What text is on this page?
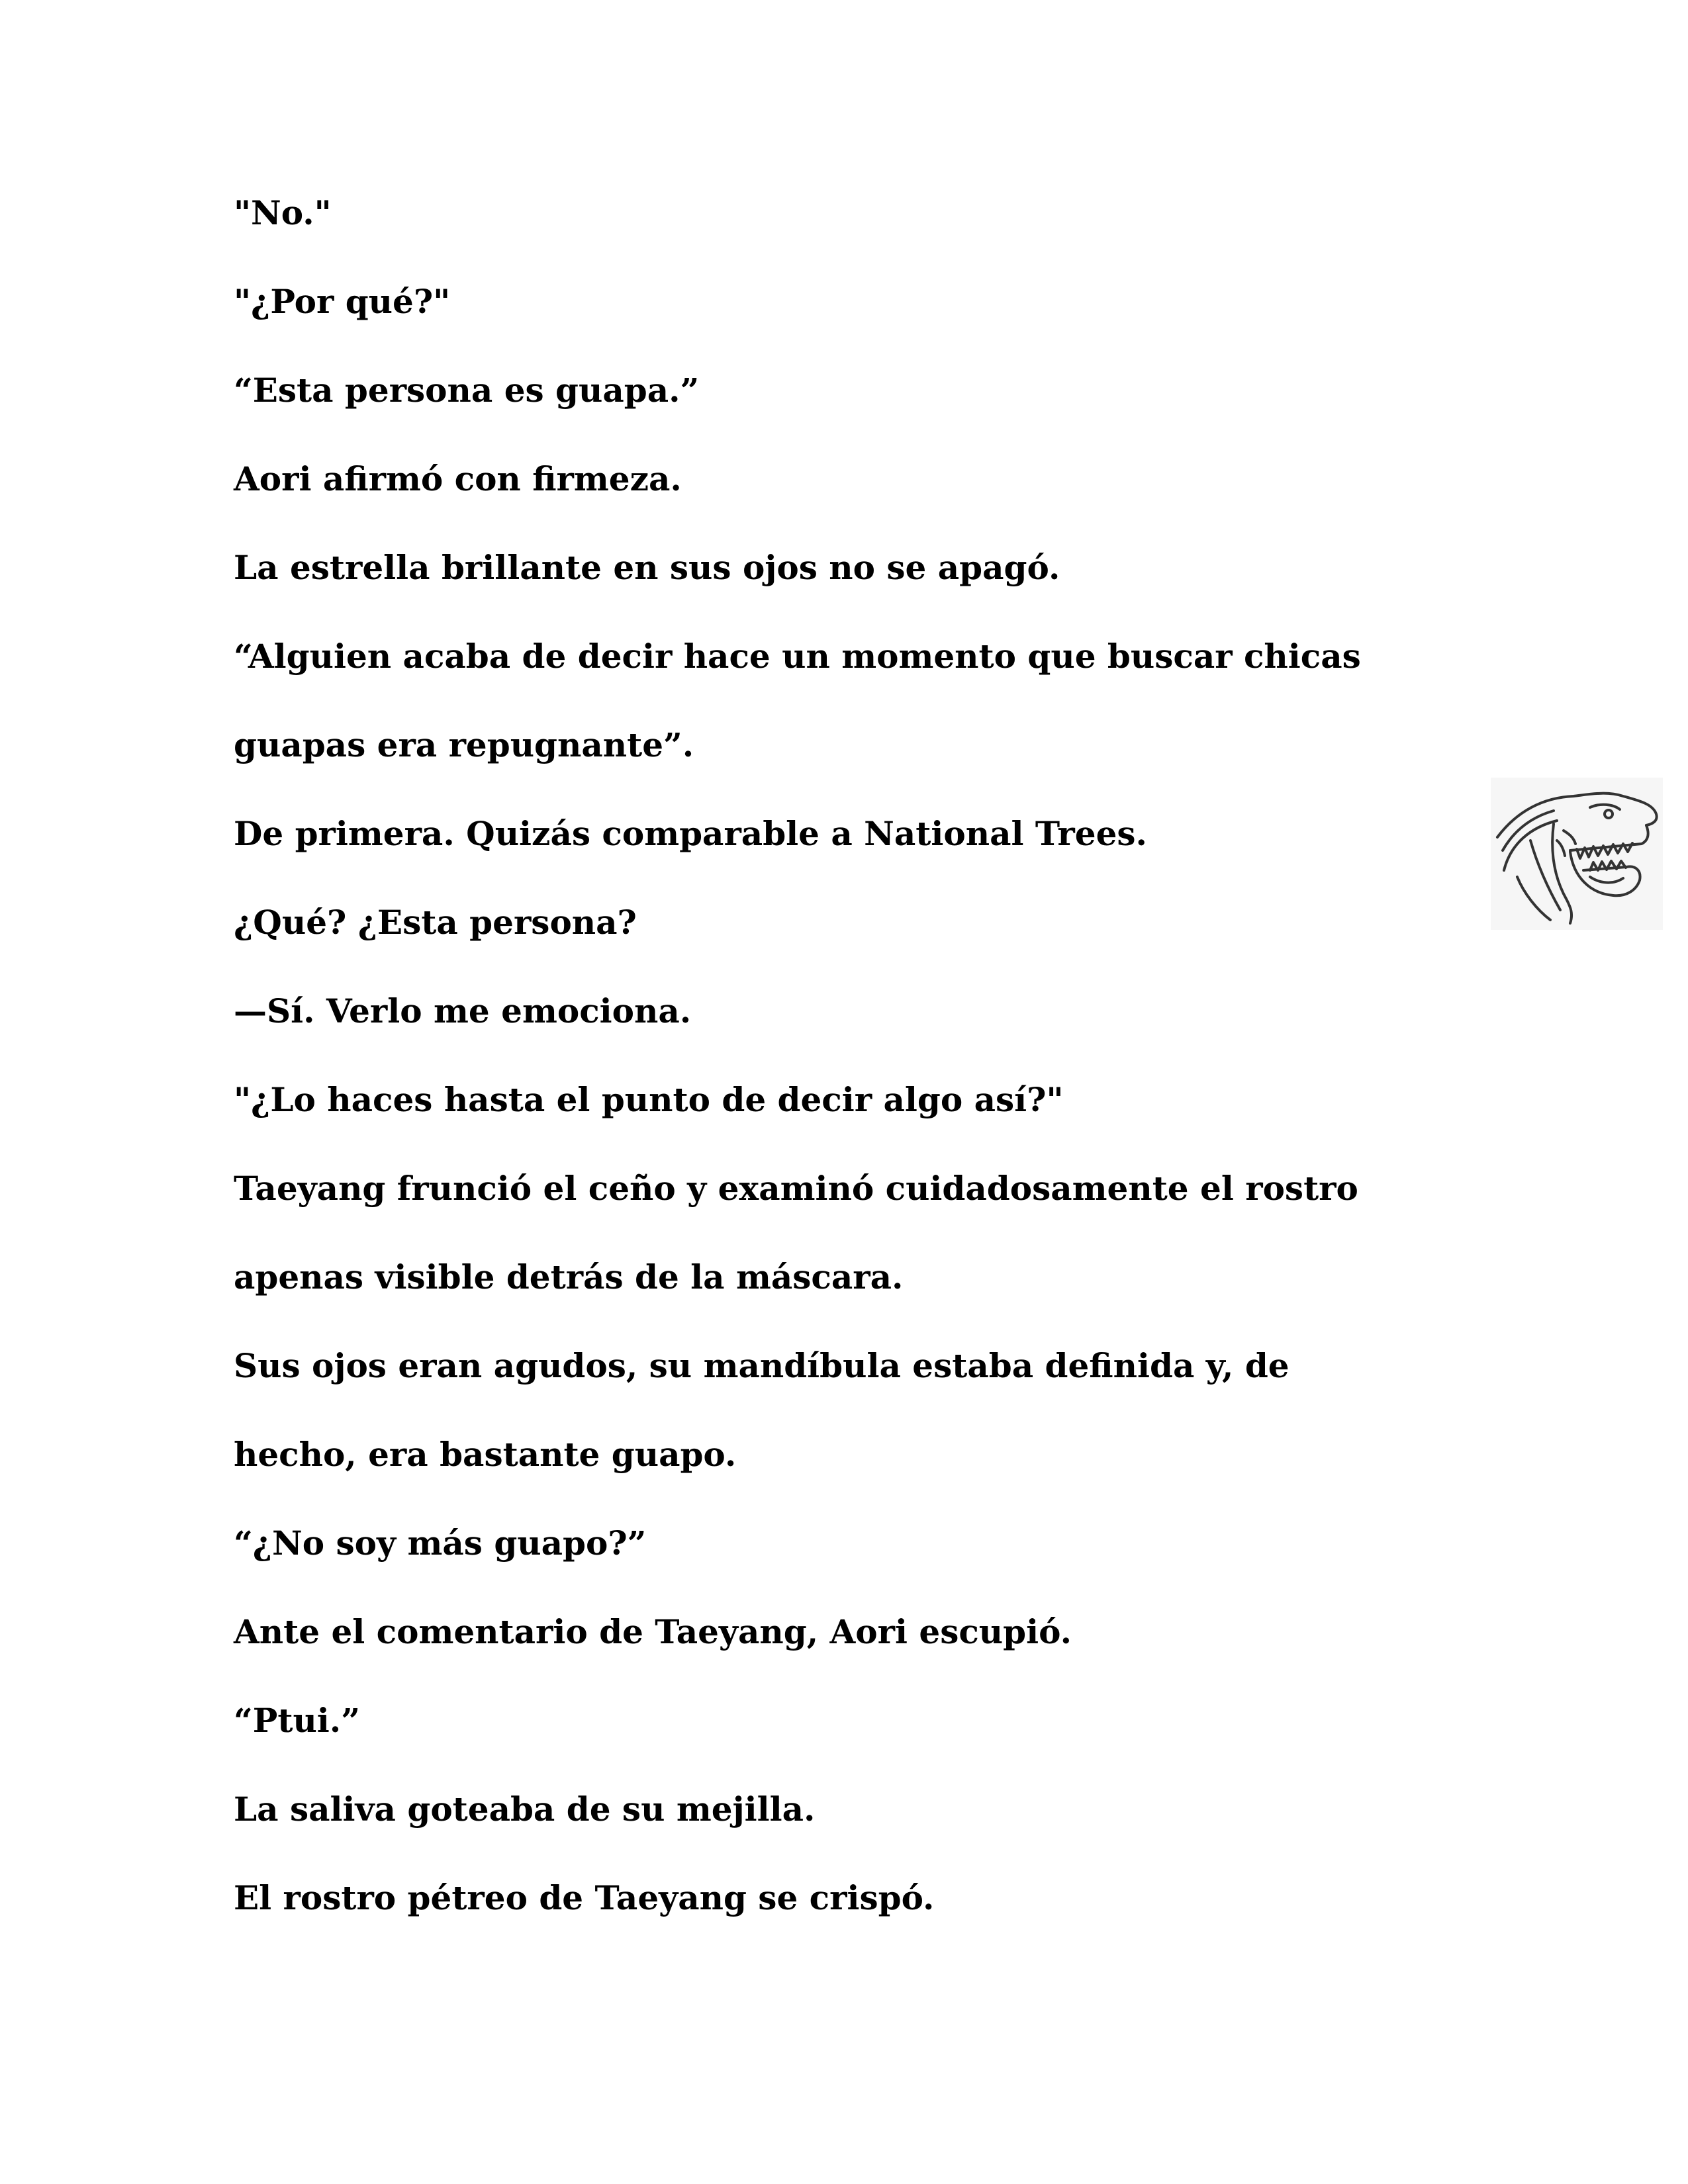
"No."

"¿Por qué?"

“Esta persona es guapa.”

Aori afirmó con firmeza.

La estrella brillante en sus ojos no se apagó.

“Alguien acaba de decir hace un momento que buscar chicas

guapas era repugnante”.

De primera. Quizás comparable a National Trees.

¿Qué? ¿Esta persona?

—Sí. Verlo me emociona.

"¿Lo haces hasta el punto de decir algo así?"

Taeyang frunció el ceño y examinó cuidadosamente el rostro

apenas visible detrás de la máscara.

Sus ojos eran agudos, su mandíbula estaba definida y, de

hecho, era bastante guapo.

“¿No soy más guapo?”

Ante el comentario de Taeyang, Aori escupió.

“Ptui.”

La saliva goteaba de su mejilla.

El rostro pétreo de Taeyang se crispó.
